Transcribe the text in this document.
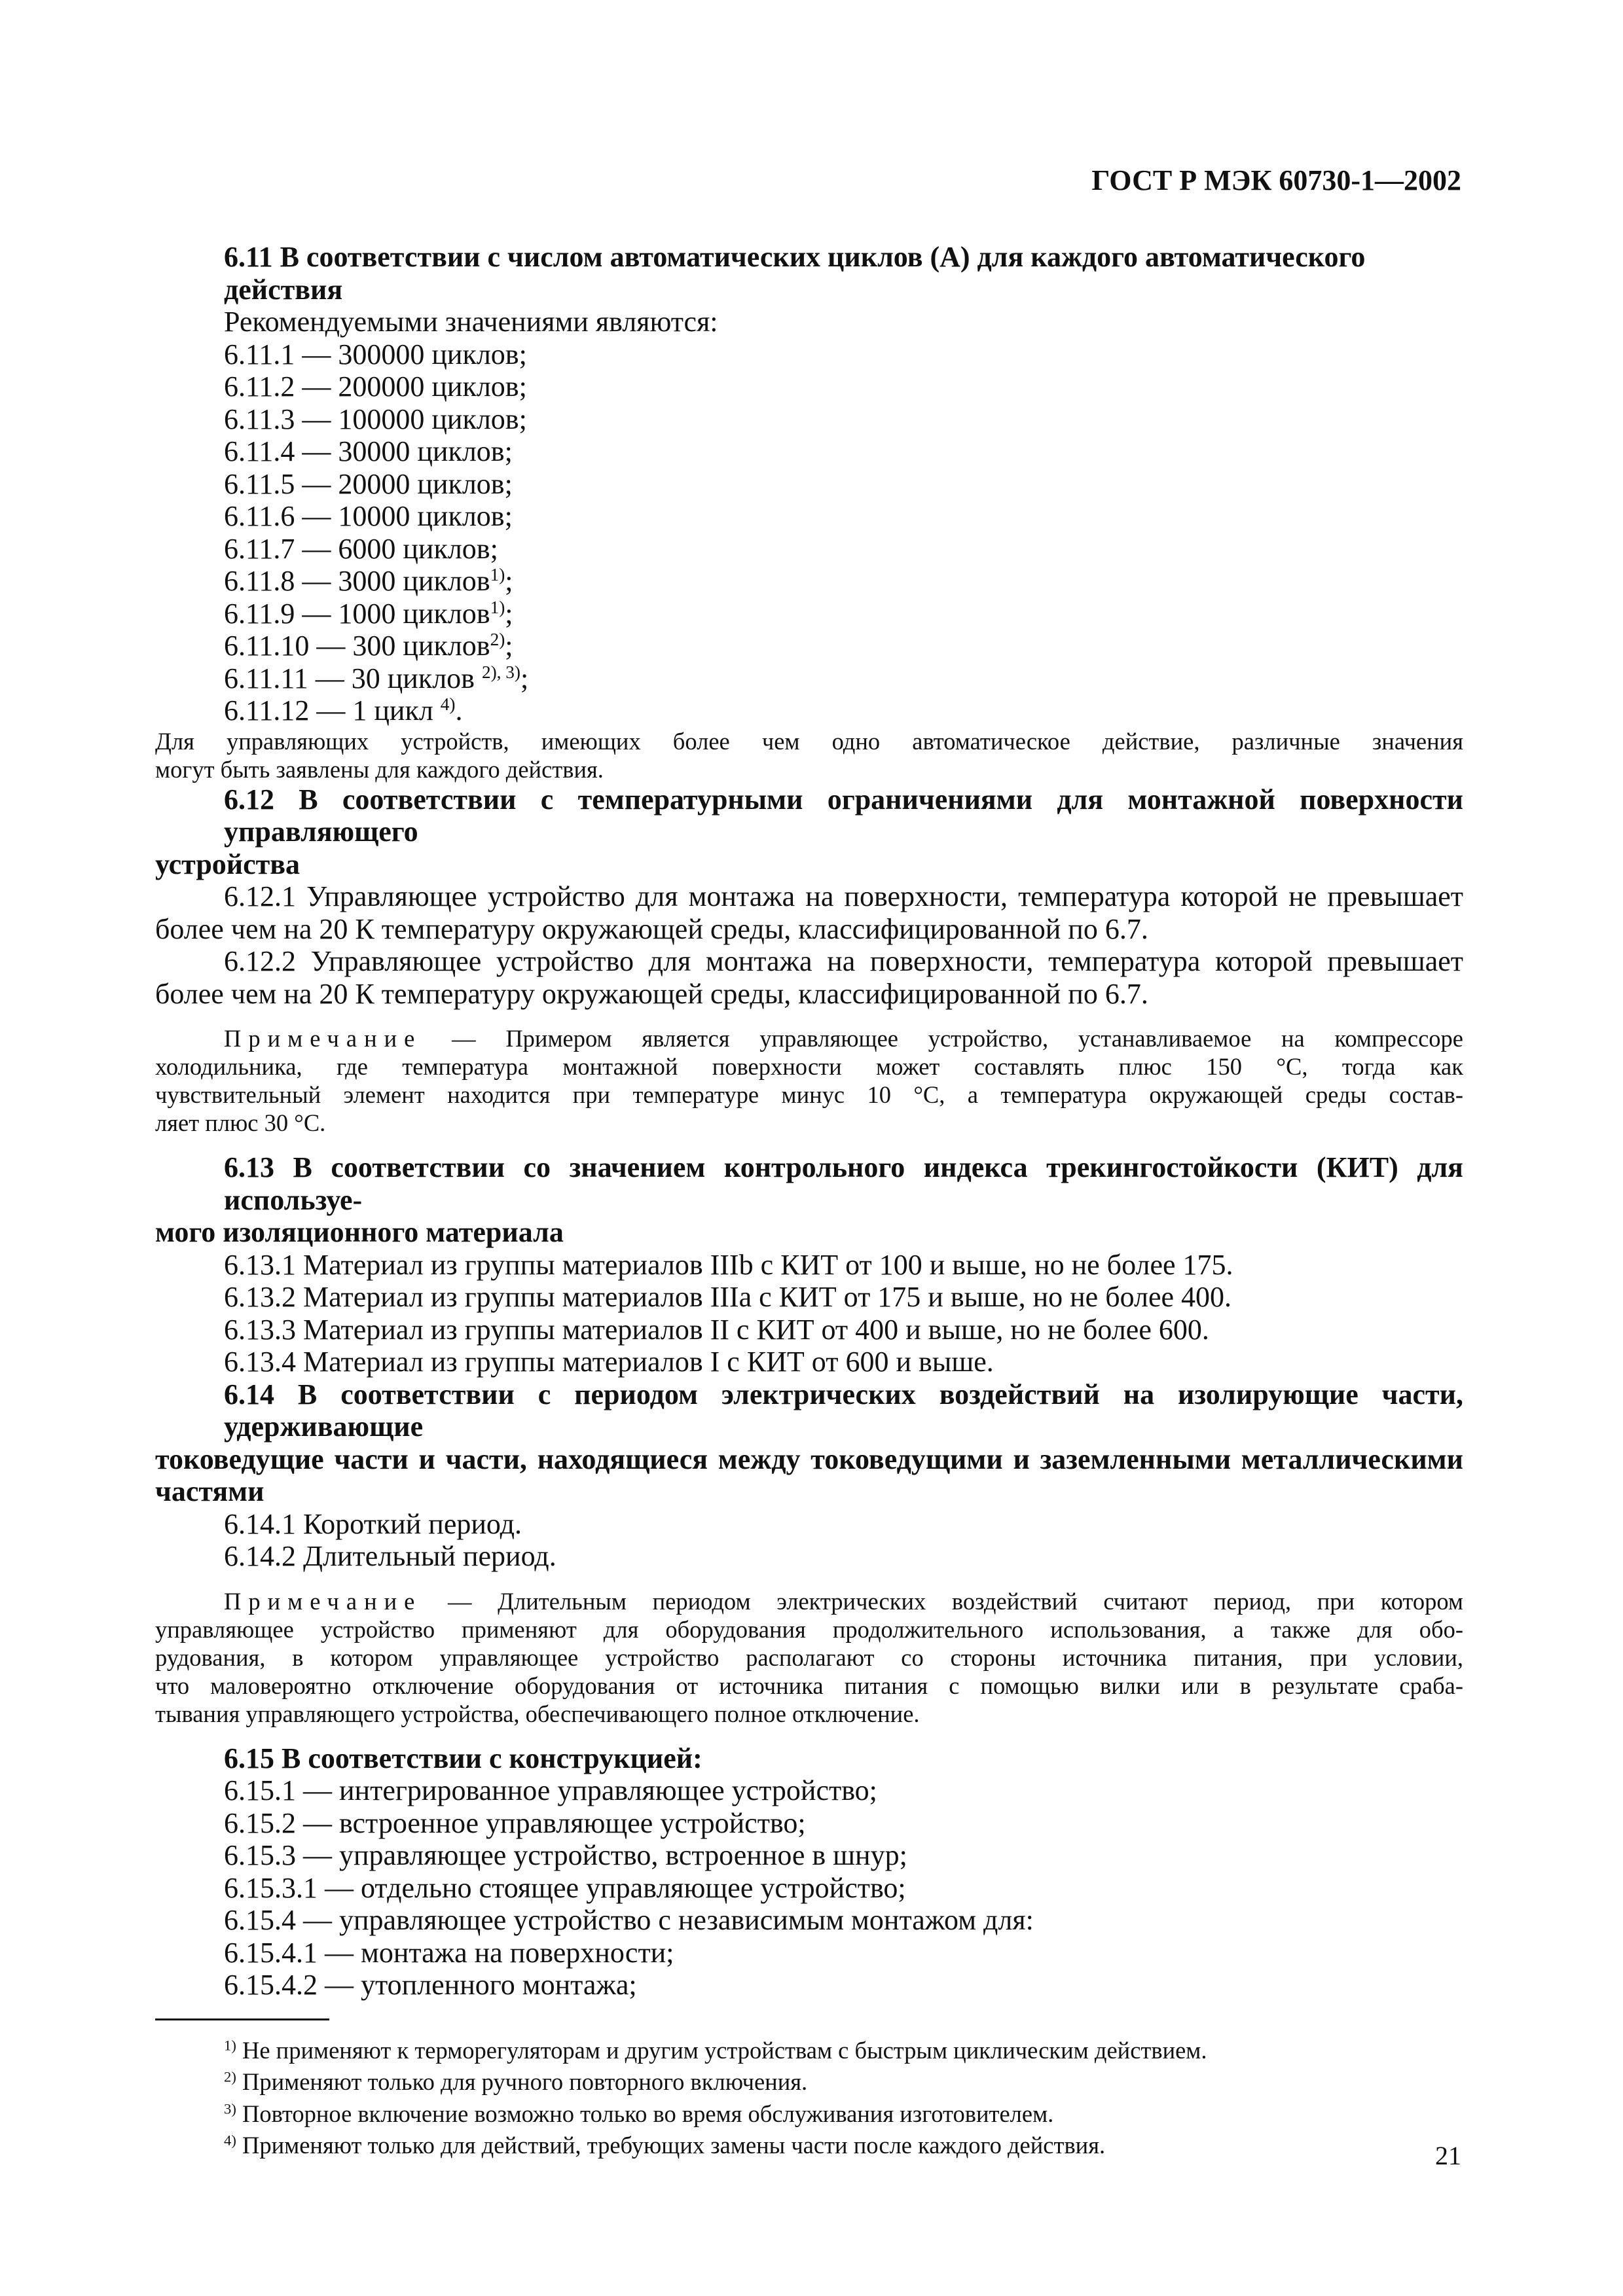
ГОСТ Р МЭК 60730-1—2002

6.11 В соответствии с числом автоматических циклов (А) для каждого автоматического действия

Рекомендуемыми значениями являются:

6.11.1 — 300000 циклов;

6.11.2 — 200000 циклов;

6.11.3 — 100000 циклов;

6.11.4 — 30000 циклов;

6.11.5 — 20000 циклов;

6.11.6 — 10000 циклов;

6.11.7 — 6000 циклов;

6.11.8 — 3000 циклов$^{1)}$;

6.11.9 — 1000 циклов$^{1)}$;

6.11.10 — 300 циклов$^{2)}$;

6.11.11 — 30 циклов $^{2), 3)}$;

6.11.12 — 1 цикл $^{4)}$.

Для управляющих устройств, имеющих более чем одно автоматическое действие, различные значения

могут быть заявлены для каждого действия.

6.12 В соответствии с температурными ограничениями для монтажной поверхности управляющего

устройства

6.12.1 Управляющее устройство для монтажа на поверхности, температура которой не превышает

более чем на 20 К температуру окружающей среды, классифицированной по 6.7.

6.12.2 Управляющее устройство для монтажа на поверхности, температура которой превышает

более чем на 20 К температуру окружающей среды, классифицированной по 6.7.

Примечание — Примером является управляющее устройство, устанавливаемое на компрессоре

холодильника, где температура монтажной поверхности может составлять плюс 150 °С, тогда как

чувствительный элемент находится при температуре минус 10 °С, а температура окружающей среды состав-

ляет плюс 30 °С.

6.13 В соответствии со значением контрольного индекса трекингостойкости (КИТ) для используе-

мого изоляционного материала

6.13.1 Материал из группы материалов IIIb с КИТ от 100 и выше, но не более 175.

6.13.2 Материал из группы материалов IIIa с КИТ от 175 и выше, но не более 400.

6.13.3 Материал из группы материалов II с КИТ от 400 и выше, но не более 600.

6.13.4 Материал из группы материалов I с КИТ от 600 и выше.

6.14 В соответствии с периодом электрических воздействий на изолирующие части, удерживающие

токоведущие части и части, находящиеся между токоведущими и заземленными металлическими

частями

6.14.1 Короткий период.

6.14.2 Длительный период.

Примечание — Длительным периодом электрических воздействий считают период, при котором

управляющее устройство применяют для оборудования продолжительного использования, а также для обо-

рудования, в котором управляющее устройство располагают со стороны источника питания, при условии,

что маловероятно отключение оборудования от источника питания с помощью вилки или в результате сраба-

тывания управляющего устройства, обеспечивающего полное отключение.

6.15 В соответствии с конструкцией:

6.15.1 — интегрированное управляющее устройство;

6.15.2 — встроенное управляющее устройство;

6.15.3 — управляющее устройство, встроенное в шнур;

6.15.3.1 — отдельно стоящее управляющее устройство;

6.15.4 — управляющее устройство с независимым монтажом для:

6.15.4.1 — монтажа на поверхности;

6.15.4.2 — утопленного монтажа;

$^{1)}$ Не применяют к терморегуляторам и другим устройствам с быстрым циклическим действием.

$^{2)}$ Применяют только для ручного повторного включения.

$^{3)}$ Повторное включение возможно только во время обслуживания изготовителем.

$^{4)}$ Применяют только для действий, требующих замены части после каждого действия.	21
